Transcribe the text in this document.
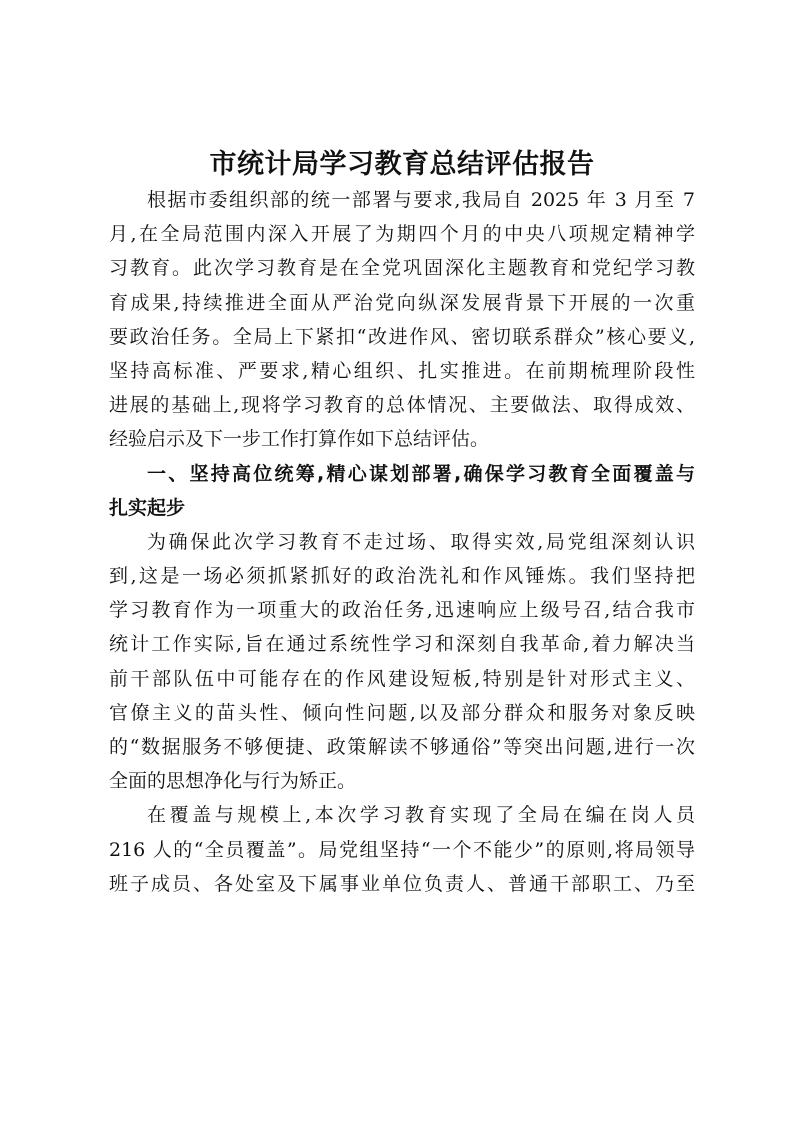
市统计局学习教育总结评估报告

根据市委组织部的统一部署与要求,我局自 2025 年 3 月至 7
月,在全局范围内深入开展了为期四个月的中央八项规定精神学
习教育。此次学习教育是在全党巩固深化主题教育和党纪学习教
育成果,持续推进全面从严治党向纵深发展背景下开展的一次重
要政治任务。全局上下紧扣“改进作风、密切联系群众”核心要义,
坚持高标准、严要求,精心组织、扎实推进。在前期梳理阶段性
进展的基础上,现将学习教育的总体情况、主要做法、取得成效、
经验启示及下一步工作打算作如下总结评估。

一、坚持高位统筹,精心谋划部署,确保学习教育全面覆盖与
扎实起步

为确保此次学习教育不走过场、取得实效,局党组深刻认识
到,这是一场必须抓紧抓好的政治洗礼和作风锤炼。我们坚持把
学习教育作为一项重大的政治任务,迅速响应上级号召,结合我市
统计工作实际,旨在通过系统性学习和深刻自我革命,着力解决当
前干部队伍中可能存在的作风建设短板,特别是针对形式主义、
官僚主义的苗头性、倾向性问题,以及部分群众和服务对象反映
的“数据服务不够便捷、政策解读不够通俗”等突出问题,进行一次
全面的思想净化与行为矫正。

在覆盖与规模上,本次学习教育实现了全局在编在岗人员
216 人的“全员覆盖”。局党组坚持“一个不能少”的原则,将局领导
班子成员、各处室及下属事业单位负责人、普通干部职工、乃至
